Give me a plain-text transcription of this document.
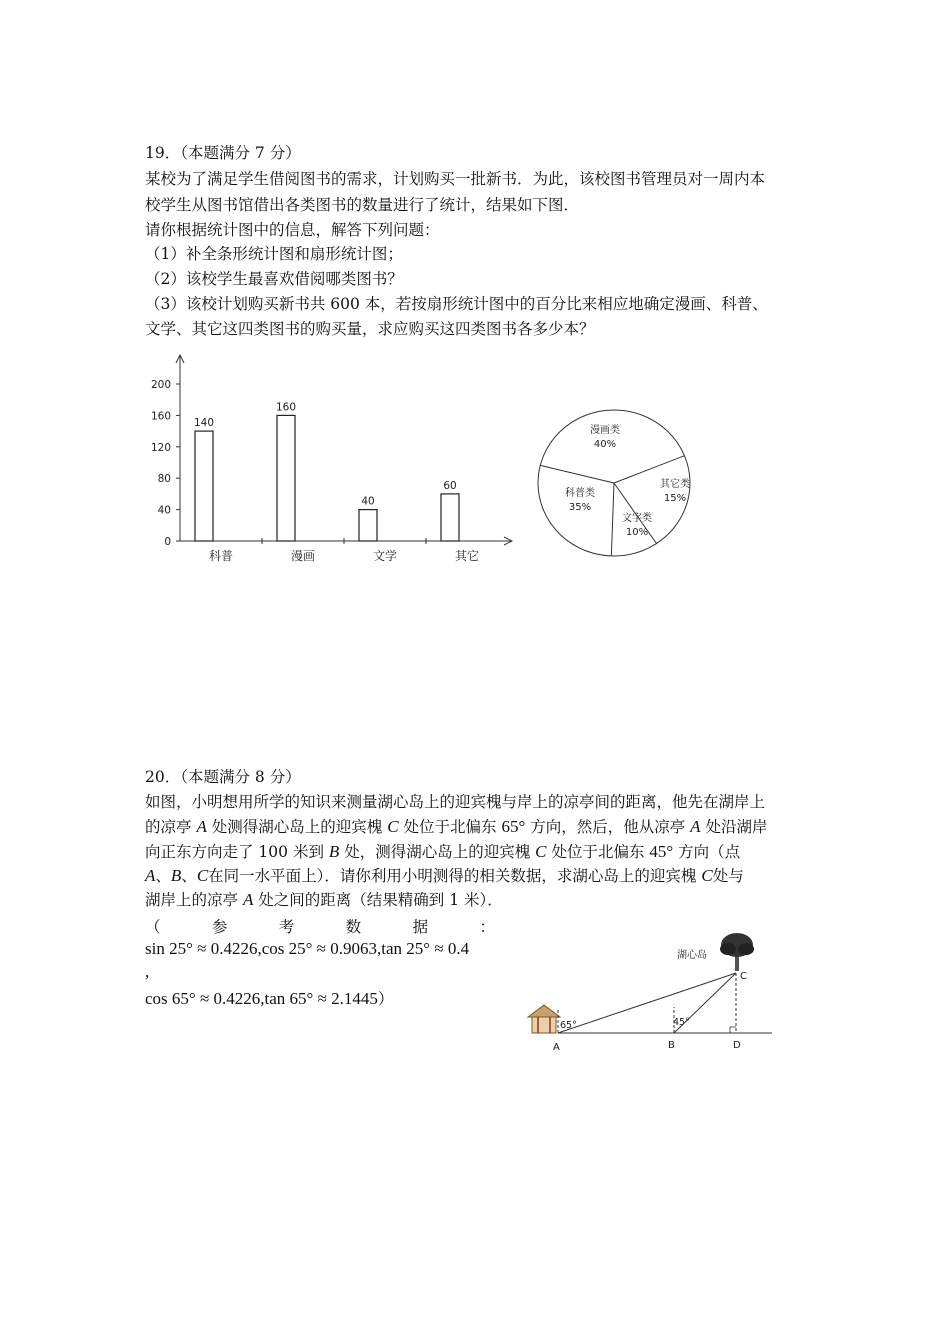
19．（本题满分 7 分）
某校为了满足学生借阅图书的需求，计划购买一批新书．为此，该校图书管理员对一周内本
校学生从图书馆借出各类图书的数量进行了统计，结果如下图．
请你根据统计图中的信息，解答下列问题：
（1）补全条形统计图和扇形统计图；
（2）该校学生最喜欢借阅哪类图书？
（3）该校计划购买新书共 600 本，若按扇形统计图中的百分比来相应地确定漫画、科普、
文学、其它这四类图书的购买量，求应购买这四类图书各多少本？
0
40
80
120
160
200
140
科普
160
漫画
40
文学
60
其它
漫画类
40%
其它类
15%
文字类
10%
科普类
35%
20．（本题满分 8 分）
如图，小明想用所学的知识来测量湖心岛上的迎宾槐与岸上的凉亭间的距离，他先在湖岸上
的凉亭 A 处测得湖心岛上的迎宾槐 C 处位于北偏东 65° 方向，然后，他从凉亭 A 处沿湖岸
向正东方向走了 100 米到 B 处，测得湖心岛上的迎宾槐 C 处位于北偏东 45° 方向（点
A、B、C在同一水平面上）．请你利用小明测得的相关数据，求湖心岛上的迎宾槐 C处与
湖岸上的凉亭 A 处之间的距离（结果精确到 1 米）．
（	参	考	数	据	：
sin 25° ≈ 0.4226,cos 25° ≈ 0.9063,tan 25° ≈ 0.4
,
cos 65° ≈ 0.4226,tan 65° ≈ 2.1445）
湖心岛
65°	45°
A	B
C
D
